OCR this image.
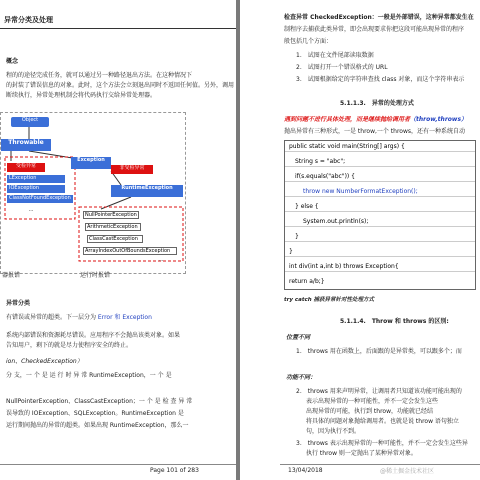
异常分类及处理
概念
程的的途径完成任务，就可以通过另一种路径退出方法。在这种情况下
的封装了错误信息的对象。此时，这个方法会立刻退出同时不返回任何值。另外，调用
断续执行，异常处理机制会将代码执行交给异常处理器。
Object
Throwable
受检异常	非受检异常
Exception
RuntimeException
LException
IOException
ClassNotFoundException
...
NullPointerException
ArithmeticException
ClassCastException
ArrayIndexOutOfBoundsException
...
器报错	运行时报错
异常分类
有错误或异常的超类。下一层分为 Error 和 Exception
系统内部错误和资源耗尽错误。应用程序不会抛出该类对象。如果
告知用户，剩下的就是尽力使程序安全的终止。
ion、CheckedException）
分 支，一 个 是 运 行 时 异 常 RuntimeException，一 个 是
NullPointerException、ClassCastException；一 个 是 检 查 异 常
误导致的 IOException、SQLException。RuntimeException 是
运行期间抛出的异常的超类。如果出现 RuntimeException，那么一
Page 101 of 283
检查异常 CheckedException：一般是外部错误，这种异常都发生在
制程序去捕获此类异常，即会出现要求你把这段可能出现异常的程序
般包括几个方面：
1.　试图在文件尾部读取数据
2.　试图打开一个错误格式的 URL
3.　试图根据给定的字符串查找 class 对象，而这个字符串表示
5.1.1.3.　异常的处理方式
遇到问题不进行具体处理，而是继续抛给调用者（throw,throws）
抛出异常有三种形式，一是 throw,一个 throws，还有一种系统自动
public static void main(String[] args) {
String s = "abc";
if(s.equals("abc")) {
throw new NumberFormatException();
} else {
System.out.println(s);
}
}
int div(int a,int b) throws Exception{
return a/b;}
try catch 捕获异常针对性处理方式
5.1.1.4.　Throw 和 throws 的区别:
位置不同
1.　throws 用在函数上，后面跟的是异常类，可以跟多个；而
功能不同：
2.　throws 用来声明异常，让调用者只知道该功能可能出现的
表示出现异常的一种可能性，并不一定会发生这些
出现异常的可能，执行到 throw，功能就已经结
将具体的问题对象抛给调用者。也就是说 throw 语句独立
句，因为执行不到。
3.　throws 表示出现异常的一种可能性，并不一定会发生这些异
执行 throw 则一定抛出了某种异常对象。
13/04/2018	@稀土掘金技术社区
